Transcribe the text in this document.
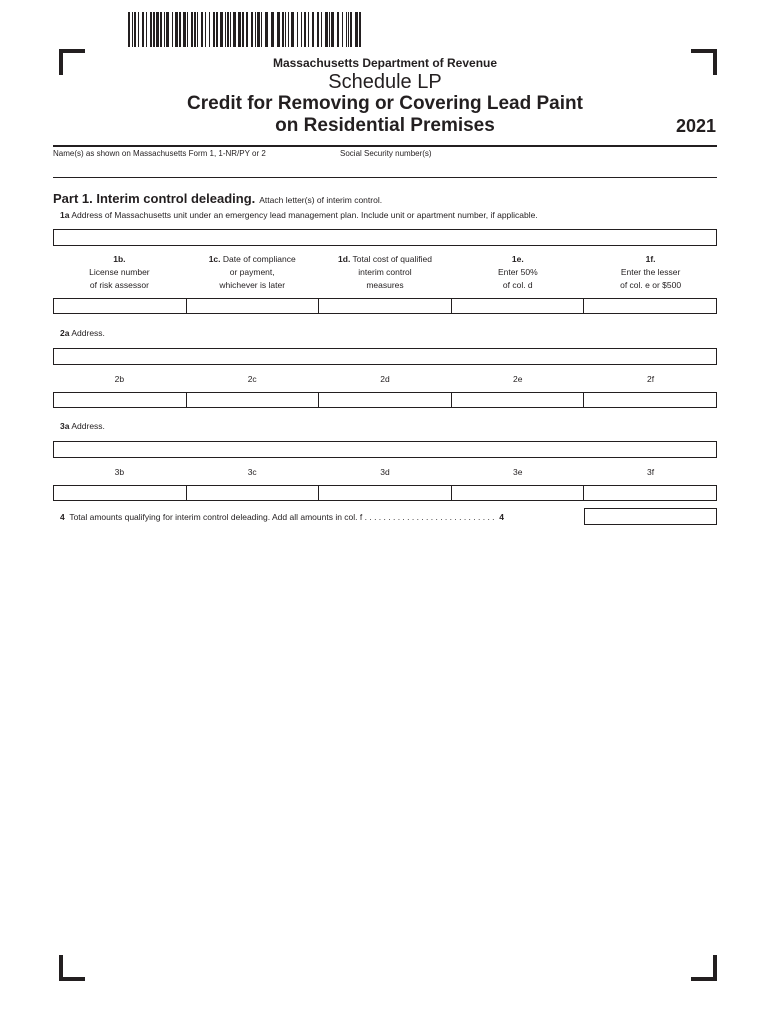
Massachusetts Department of Revenue
Schedule LP
Credit for Removing or Covering Lead Paint
on Residential Premises	2021
Name(s) as shown on Massachusetts Form 1, 1-NR/PY or 2	Social Security number(s)
Part 1. Interim control deleading. Attach letter(s) of interim control.
1a Address of Massachusetts unit under an emergency lead management plan. Include unit or apartment number, if applicable.
1b.
License number
of risk assessor
1c. Date of compliance
or payment,
whichever is later
1d. Total cost of qualified
interim control
measures
1e.
Enter 50%
of col. d
1f.
Enter the lesser
of col. e or $500
2a Address.
2b	2c	2d	2e	2f
3a Address.
3b	3c	3d	3e	3f
4 Total amounts qualifying for interim control deleading. Add all amounts in col. f . . . . . . . . . . . . . . . . . . . . . . . . . . . . 4
